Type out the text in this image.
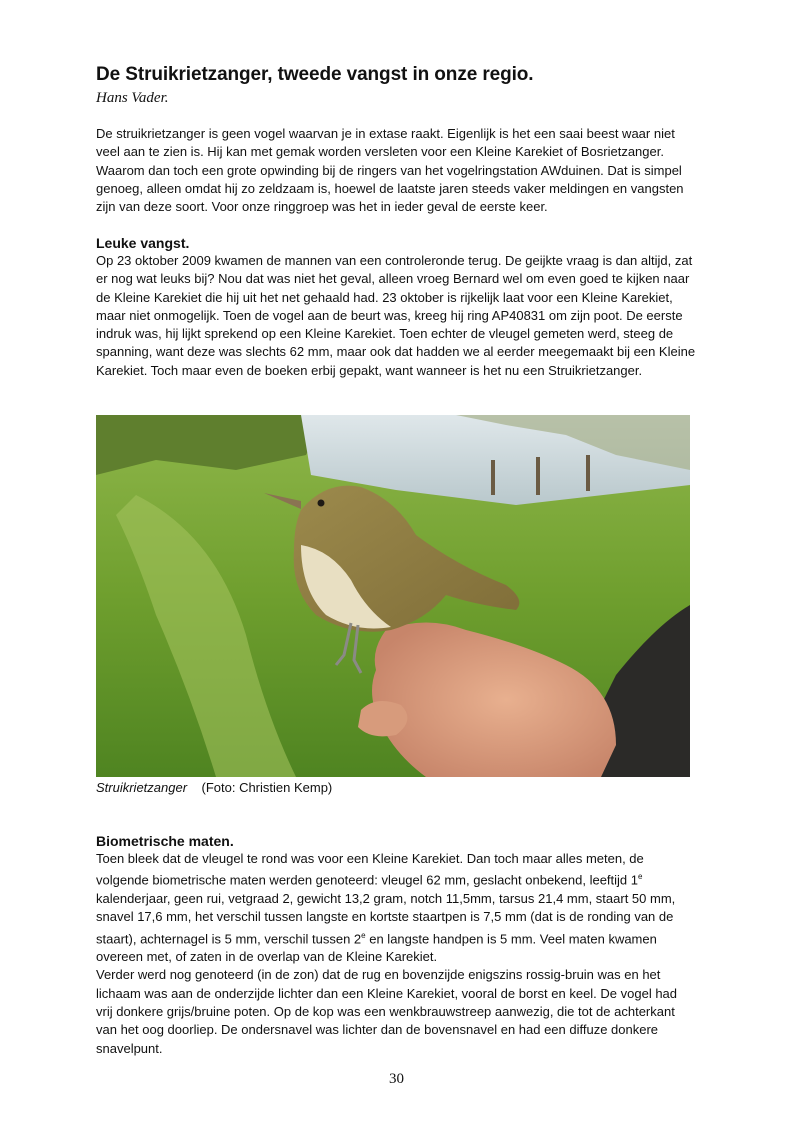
De Struikrietzanger, tweede vangst in onze regio.
Hans Vader.
De struikrietzanger is geen vogel waarvan je in extase raakt. Eigenlijk is het een saai beest waar niet veel aan te zien is. Hij kan met gemak worden versleten voor een Kleine Karekiet of Bosrietzanger. Waarom dan toch een grote opwinding bij de ringers van het vogelringstation AWduinen. Dat is simpel genoeg, alleen omdat hij zo zeldzaam is, hoewel de laatste jaren steeds vaker meldingen en vangsten zijn van deze soort. Voor onze ringgroep was het in ieder geval de eerste keer.
Leuke vangst.
Op 23 oktober 2009 kwamen de mannen van een controleronde terug. De geijkte vraag is dan altijd, zat er nog wat leuks bij? Nou dat was niet het geval, alleen vroeg Bernard wel om even goed te kijken naar de Kleine Karekiet die hij uit het net gehaald had. 23 oktober is rijkelijk laat voor een Kleine Karekiet, maar niet onmogelijk. Toen de vogel aan de beurt was, kreeg hij ring AP40831 om zijn poot. De eerste indruk was, hij lijkt sprekend op een Kleine Karekiet. Toen echter de vleugel gemeten werd, steeg de spanning, want deze was slechts 62 mm, maar ook dat hadden we al eerder meegemaakt bij een Kleine Karekiet. Toch maar even de boeken erbij gepakt, want wanneer is het nu een Struikrietzanger.
Struikrietzanger (Foto: Christien Kemp)
Biometrische maten.
Toen bleek dat de vleugel te rond was voor een Kleine Karekiet. Dan toch maar alles meten, de volgende biometrische maten werden genoteerd: vleugel 62 mm, geslacht onbekend, leeftijd 1e kalenderjaar, geen rui, vetgraad 2, gewicht 13,2 gram, notch 11,5mm, tarsus 21,4 mm, staart 50 mm, snavel 17,6 mm, het verschil tussen langste en kortste staartpen is 7,5 mm (dat is de ronding van de staart), achternagel is 5 mm, verschil tussen 2e en langste handpen is 5 mm. Veel maten kwamen overeen met, of zaten in de overlap van de Kleine Karekiet.
Verder werd nog genoteerd (in de zon) dat de rug en bovenzijde enigszins rossig-bruin was en het lichaam was aan de onderzijde lichter dan een Kleine Karekiet, vooral de borst en keel. De vogel had vrij donkere grijs/bruine poten. Op de kop was een wenkbrauwstreep aanwezig, die tot de achterkant van het oog doorliep. De ondersnavel was lichter dan de bovensnavel en had een diffuze donkere snavelpunt.
30
